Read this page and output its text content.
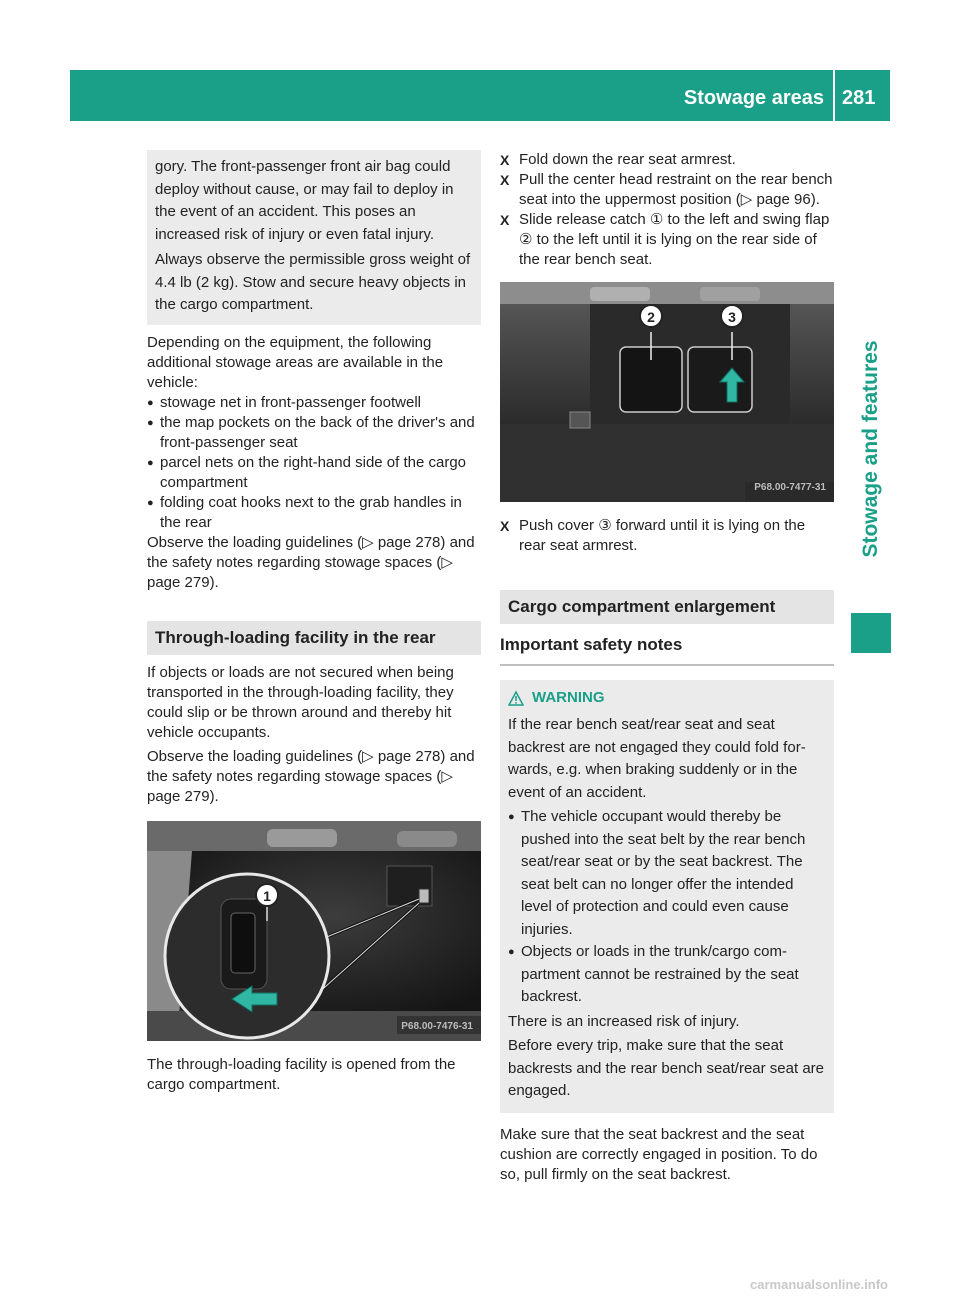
Stowage areas 281
Stowage and features

gory. The front-passenger front air bag could deploy without cause, or may fail to deploy in the event of an accident. This poses an increased risk of injury or even fatal injury.

Always observe the permissible gross weight of 4.4 lb (2 kg). Stow and secure heavy objects in the cargo compartment.

Depending on the equipment, the following additional stowage areas are available in the vehicle:

● stowage net in front-passenger footwell
● the map pockets on the back of the driver's and front-passenger seat
● parcel nets on the right-hand side of the cargo compartment
● folding coat hooks next to the grab handles in the rear

Observe the loading guidelines (▷ page 278) and the safety notes regarding stowage spaces (▷ page 279).

Through-loading facility in the rear

If objects or loads are not secured when being transported in the through-loading facility, they could slip or be thrown around and thereby hit vehicle occupants.

Observe the loading guidelines (▷ page 278) and the safety notes regarding stowage spaces (▷ page 279).

1
P68.00-7476-31

The through-loading facility is opened from the cargo compartment.

X Fold down the rear seat armrest.
X Pull the center head restraint on the rear bench seat into the uppermost position (▷ page 96).
X Slide release catch ① to the left and swing flap ② to the left until it is lying on the rear side of the rear bench seat.
2	3
P68.00-7477-31
X Push cover ③ forward until it is lying on the rear seat armrest.
Cargo compartment enlargement
Important safety notes
WARNING

If the rear bench seat/rear seat and seat backrest are not engaged they could fold for-wards, e.g. when braking suddenly or in the event of an accident.

● The vehicle occupant would thereby be pushed into the seat belt by the rear bench seat/rear seat or by the seat backrest. The seat belt can no longer offer the intended level of protection and could even cause injuries.
● Objects or loads in the trunk/cargo com-partment cannot be restrained by the seat backrest.

There is an increased risk of injury.

Before every trip, make sure that the seat backrests and the rear bench seat/rear seat are engaged.

Make sure that the seat backrest and the seat cushion are correctly engaged in position. To do so, pull firmly on the seat backrest.

carmanualsonline.info
